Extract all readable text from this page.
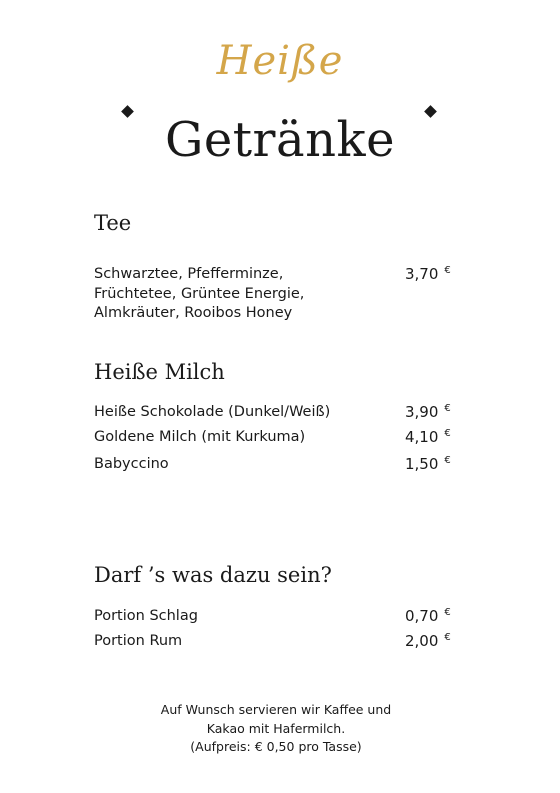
Heiße
Getränke
Tee
Schwarztee, Pfefferminze,
Früchtetee, Grüntee Energie,
Almkräuter, Rooibos Honey
3,70 €
Heiße Milch
Heiße Schokolade (Dunkel/Weiß)	3,90 €
Goldene Milch (mit Kurkuma)	4,10 €
Babyccino	1,50 €
Darf ’s was dazu sein?
Portion Schlag	0,70 €
Portion Rum	2,00 €
Auf Wunsch servieren wir Kaffee und
Kakao mit Hafermilch.
(Aufpreis: € 0,50 pro Tasse)
